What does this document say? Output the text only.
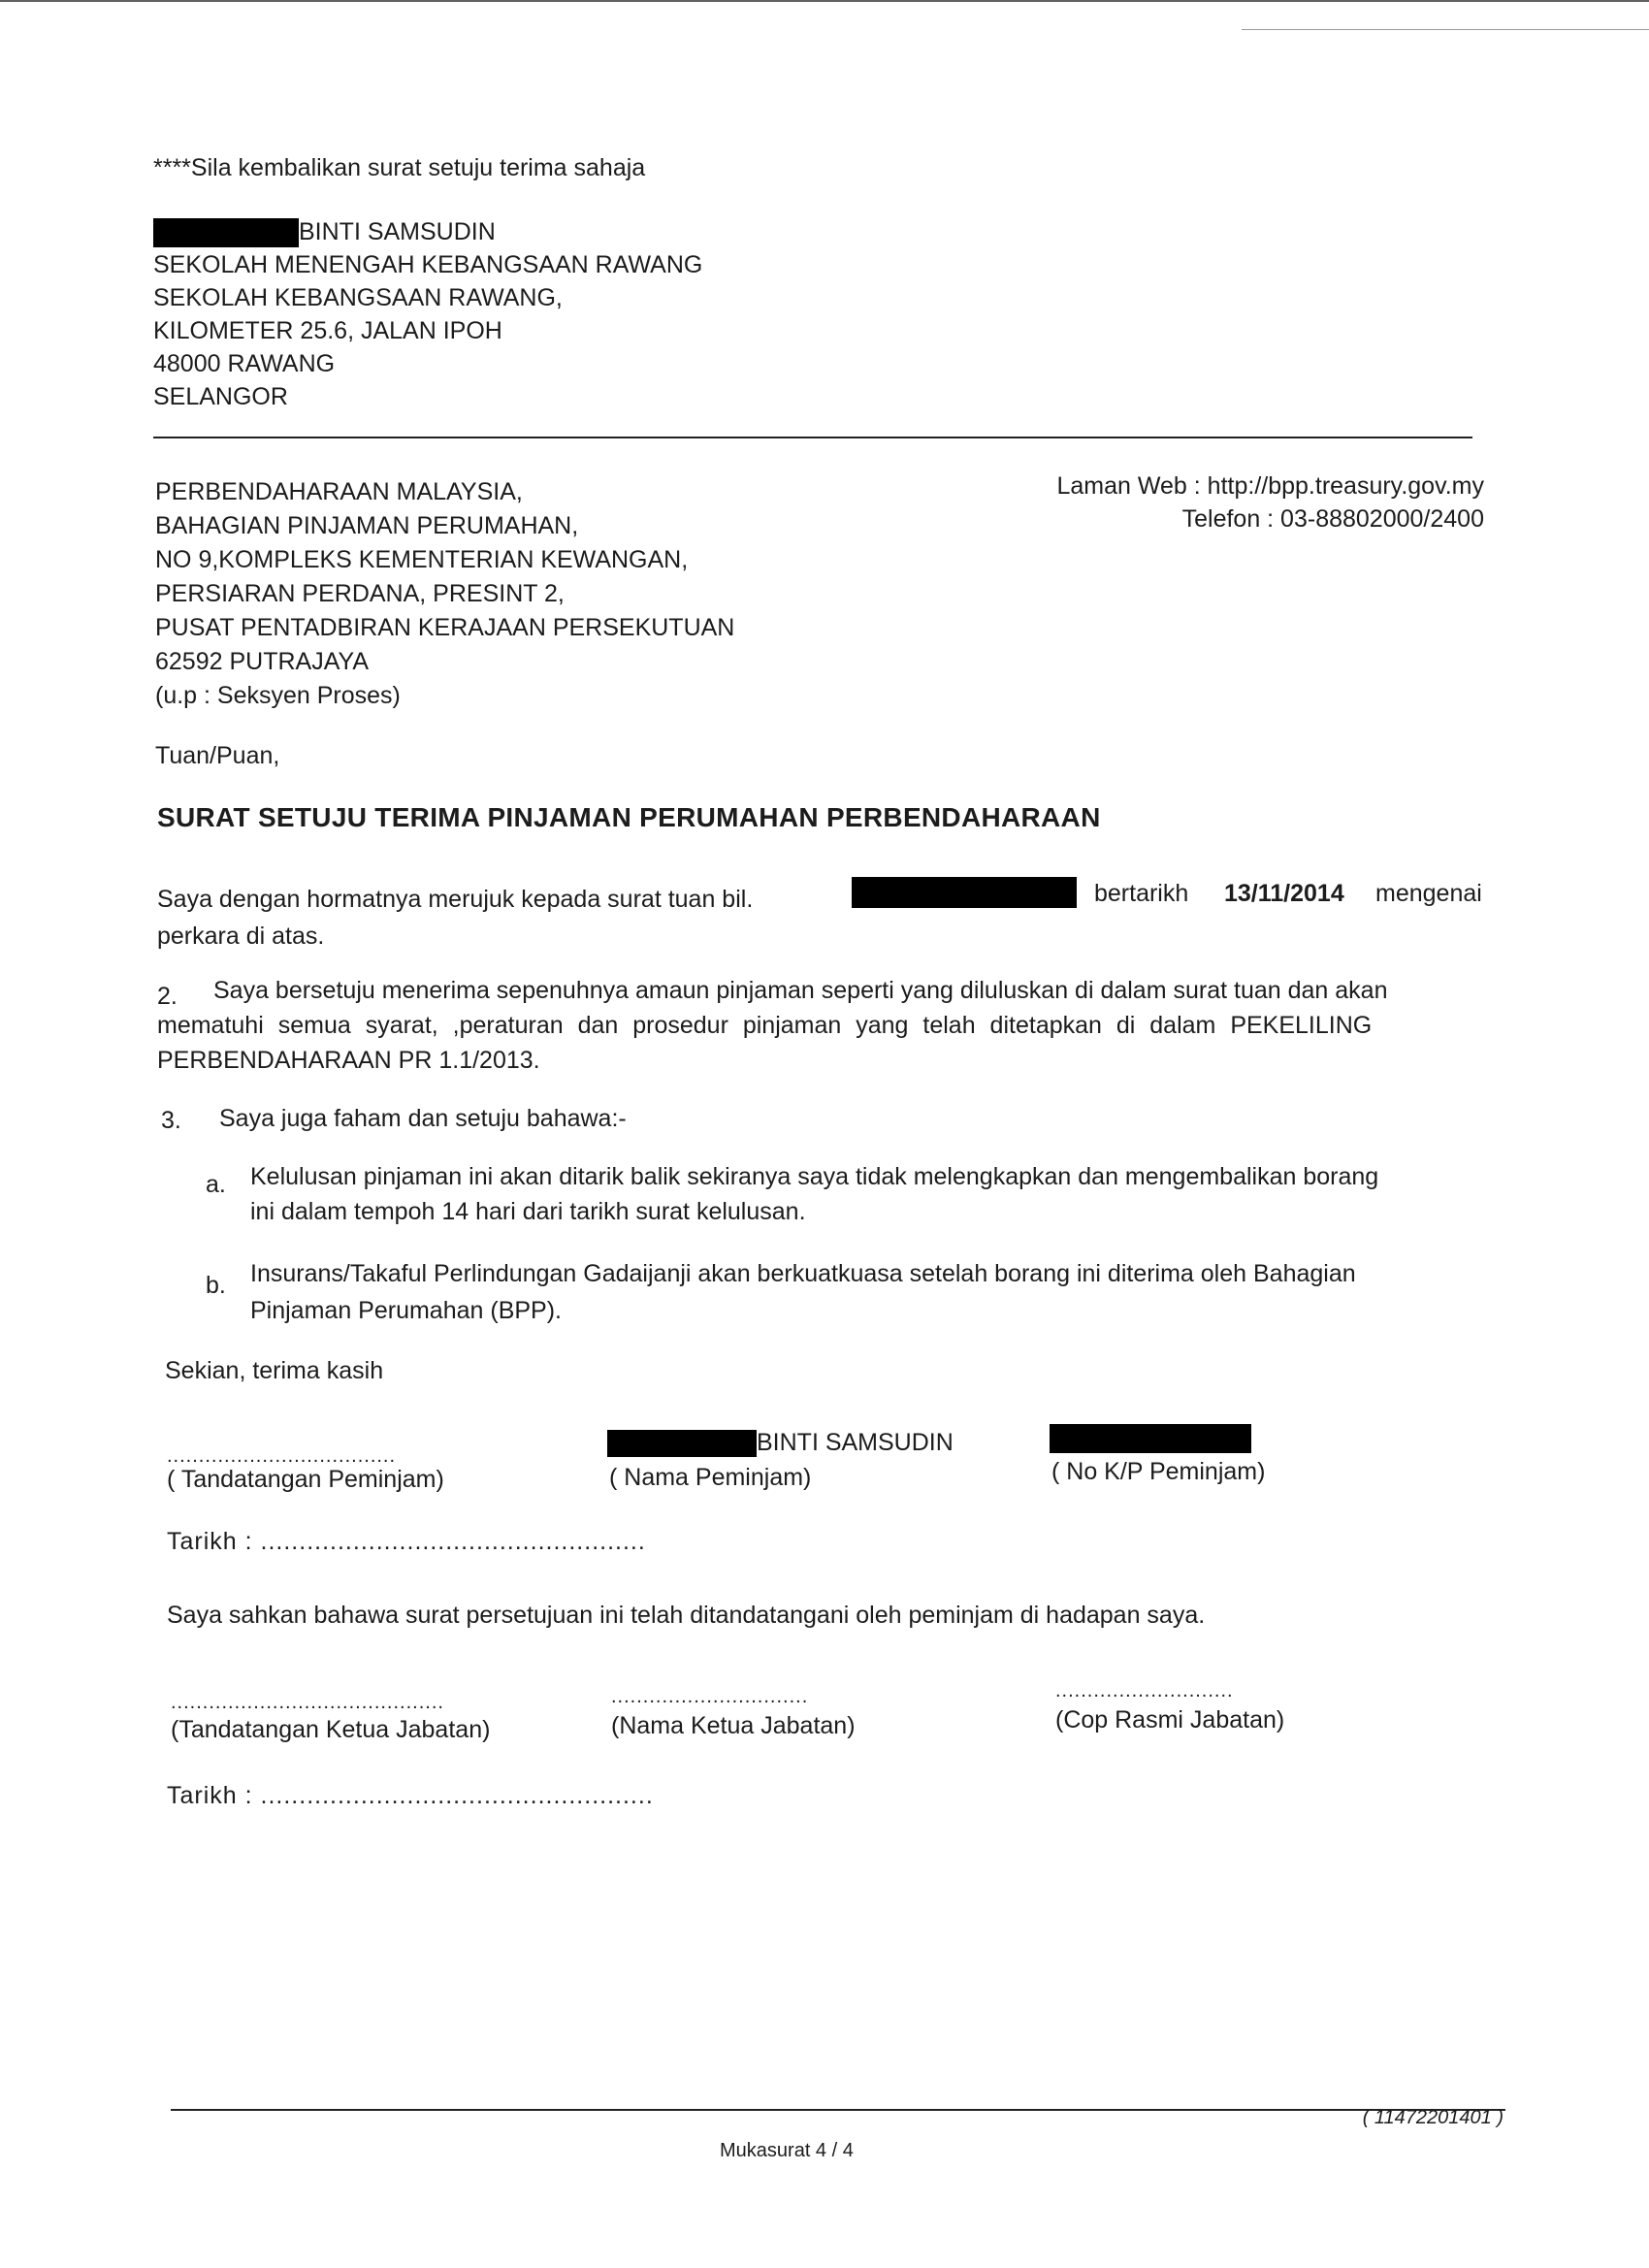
****Sila kembalikan surat setuju terima sahaja
BINTI SAMSUDIN
SEKOLAH MENENGAH KEBANGSAAN RAWANG
SEKOLAH KEBANGSAAN RAWANG,
KILOMETER 25.6, JALAN IPOH
48000 RAWANG
SELANGOR
PERBENDAHARAAN MALAYSIA,
BAHAGIAN PINJAMAN PERUMAHAN,
NO 9,KOMPLEKS KEMENTERIAN KEWANGAN,
PERSIARAN PERDANA, PRESINT 2,
PUSAT PENTADBIRAN KERAJAAN PERSEKUTUAN
62592 PUTRAJAYA
(u.p : Seksyen Proses)
Laman Web : http://bpp.treasury.gov.my
Telefon : 03-88802000/2400
Tuan/Puan,
SURAT SETUJU TERIMA PINJAMAN PERUMAHAN PERBENDAHARAAN
Saya dengan hormatnya merujuk kepada surat tuan bil.	bertarikh 13/11/2014 mengenai
perkara di atas.
2. Saya bersetuju menerima sepenuhnya amaun pinjaman seperti yang diluluskan di dalam surat tuan dan akan
mematuhi semua syarat, ,peraturan dan prosedur pinjaman yang telah ditetapkan di dalam PEKELILING
PERBENDAHARAAN PR 1.1/2013.
3. Saya juga faham dan setuju bahawa:-
a. Kelulusan pinjaman ini akan ditarik balik sekiranya saya tidak melengkapkan dan mengembalikan borang
ini dalam tempoh 14 hari dari tarikh surat kelulusan.
b. Insurans/Takaful Perlindungan Gadaijanji akan berkuatkuasa setelah borang ini diterima oleh Bahagian
Pinjaman Perumahan (BPP).
Sekian, terima kasih
....................................
( Tandatangan Peminjam)
BINTI SAMSUDIN
( Nama Peminjam)	( No K/P Peminjam)
Tarikh : ..................................................
Saya sahkan bahawa surat persetujuan ini telah ditandatangani oleh peminjam di hadapan saya.
...........................................
(Tandatangan Ketua Jabatan)
...............................
(Nama Ketua Jabatan)
............................
(Cop Rasmi Jabatan)
Tarikh : ...................................................
( 11472201401 )
Mukasurat 4 / 4
